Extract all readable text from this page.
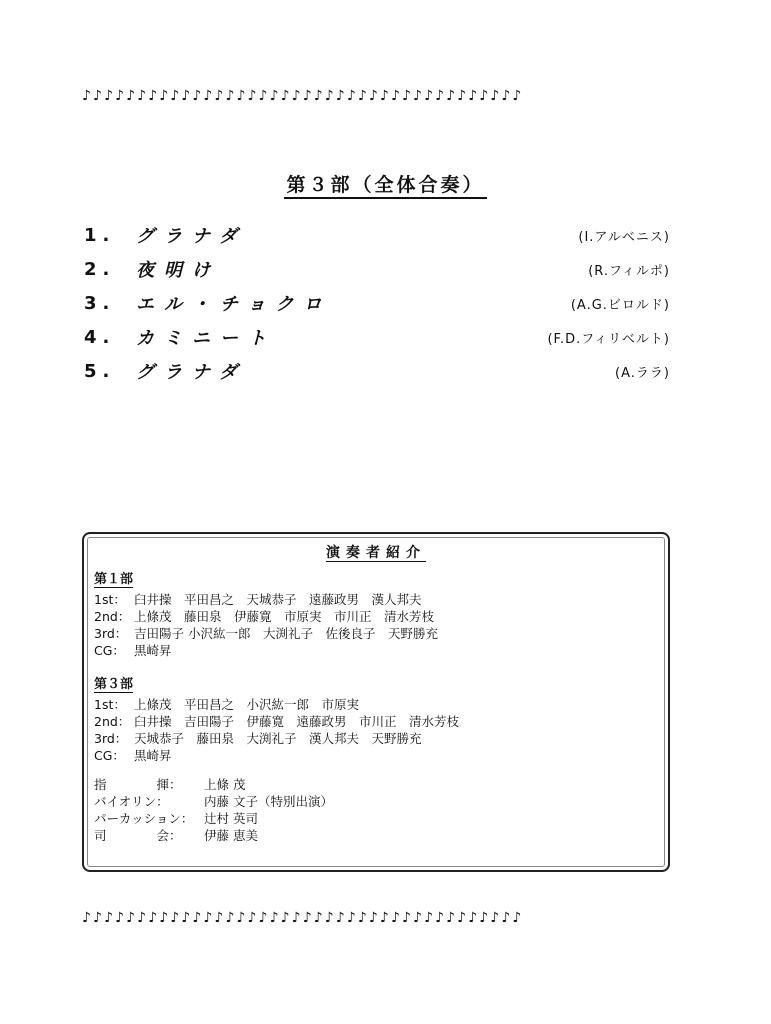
♪♪♪♪♪♪♪♪♪♪♪♪♪♪♪♪♪♪♪♪♪♪♪♪♪♪♪♪♪♪♪♪♪♪♪♪♪♪♪♪
第３部（全体合奏）
1.	グラナダ	(I.アルベニス)
2.	夜明け	(R.フィルポ)
3.	エル・チョクロ	(A.G.ビロルド)
4.	カミニート	(F.D.フィリベルト)
5.	グラナダ	(A.ララ)
演奏者紹介
第１部
1st： 臼井操　平田昌之　天城恭子　遠藤政男　漢人邦夫
2nd： 上條茂　藤田泉　伊藤寛　市原実　市川正　清水芳枝
3rd： 吉田陽子 小沢紘一郎　大渕礼子　佐後良子　天野勝充
CG： 黒崎昇
第３部
1st： 上條茂　平田昌之　小沢紘一郎　市原実
2nd： 臼井操　吉田陽子　伊藤寛　遠藤政男　市川正　清水芳枝
3rd： 天城恭子　藤田泉　大渕礼子　漢人邦夫　天野勝充
CG： 黒崎昇
指　　　　揮： 上條 茂
バイオリン：	内藤 文子（特別出演）
パーカッション： 辻村 英司
司　　　　会： 伊藤 恵美
♪♪♪♪♪♪♪♪♪♪♪♪♪♪♪♪♪♪♪♪♪♪♪♪♪♪♪♪♪♪♪♪♪♪♪♪♪♪♪♪
